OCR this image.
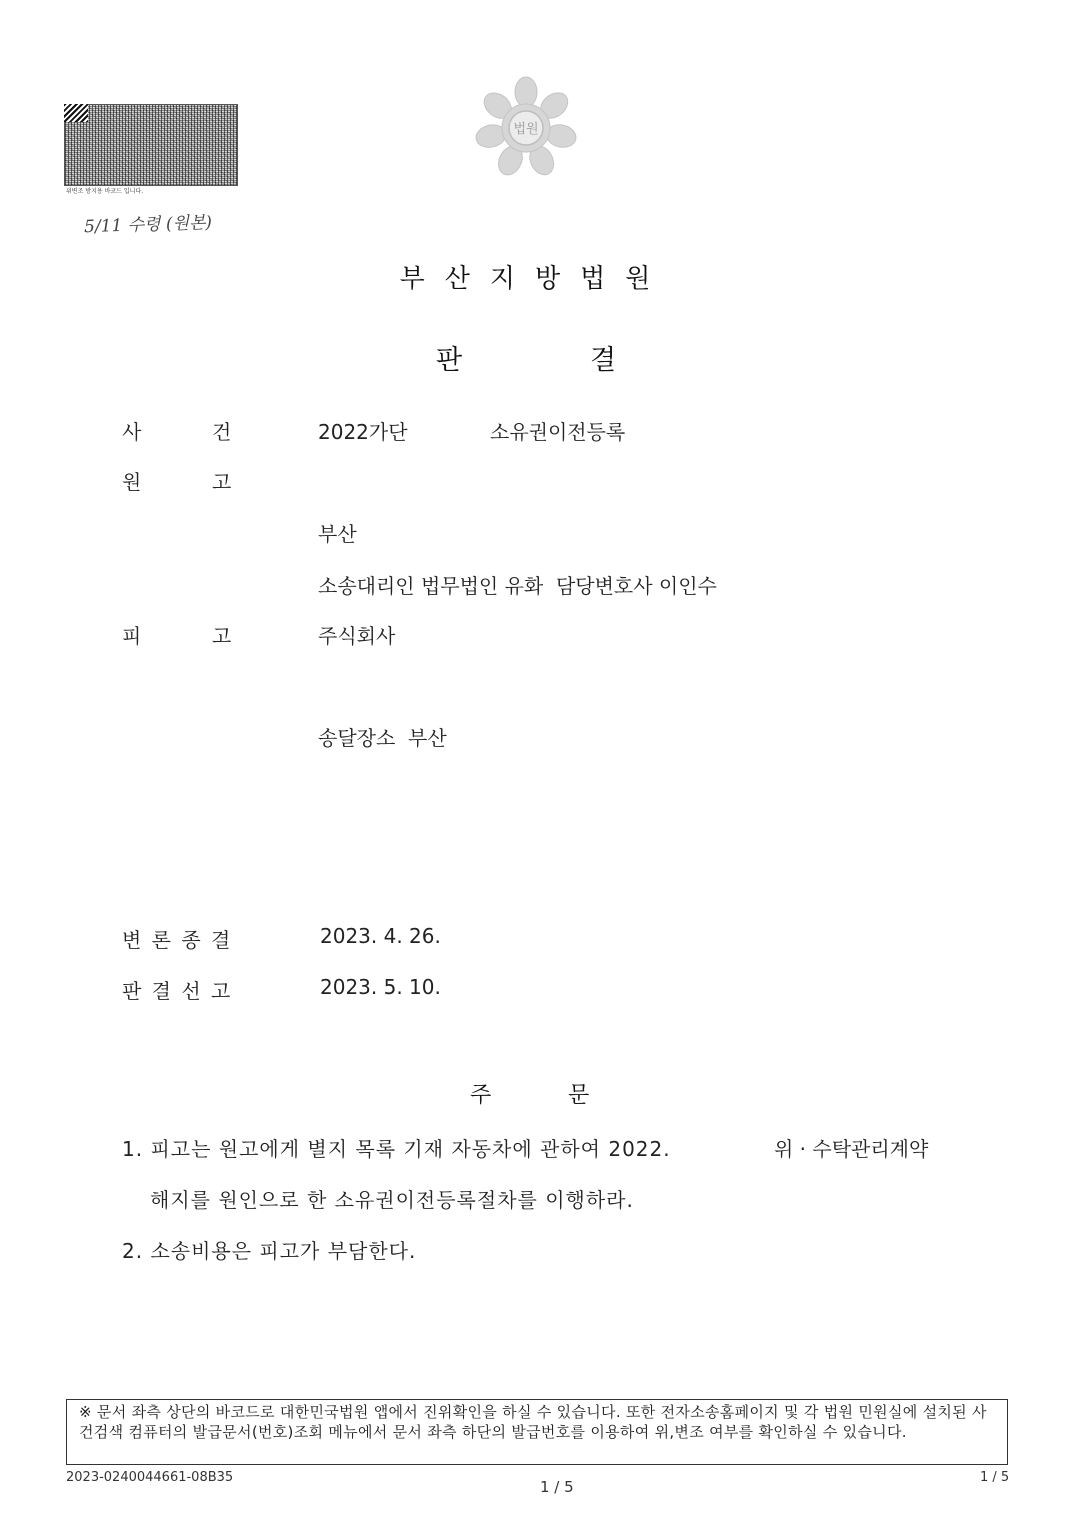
위변조 방지용 바코드 입니다.
5/11 수령 (원본)
법원
부산지방법원
판	결
사	건	2022가단	소유권이전등록
원	고
부산
소송대리인 법무법인 유화  담당변호사 이인수
피	고	주식회사
송달장소  부산
변 론 종 결	2023. 4. 26.
판 결 선 고	2023. 5. 10.
주	문
1. 피고는 원고에게 별지 목록 기재 자동차에 관하여 2022.	위 · 수탁관리계약
해지를 원인으로 한 소유권이전등록절차를 이행하라.
2. 소송비용은 피고가 부담한다.
※ 문서 좌측 상단의 바코드로 대한민국법원 앱에서 진위확인을 하실 수 있습니다. 또한 전자소송홈페이지 및 각 법원 민원실에 설치된 사건검색 컴퓨터의 발급문서(번호)조회 메뉴에서 문서 좌측 하단의 발급번호를 이용하여 위,변조 여부를 확인하실 수 있습니다.
2023-0240044661-08B35
1 / 5
1 / 5
